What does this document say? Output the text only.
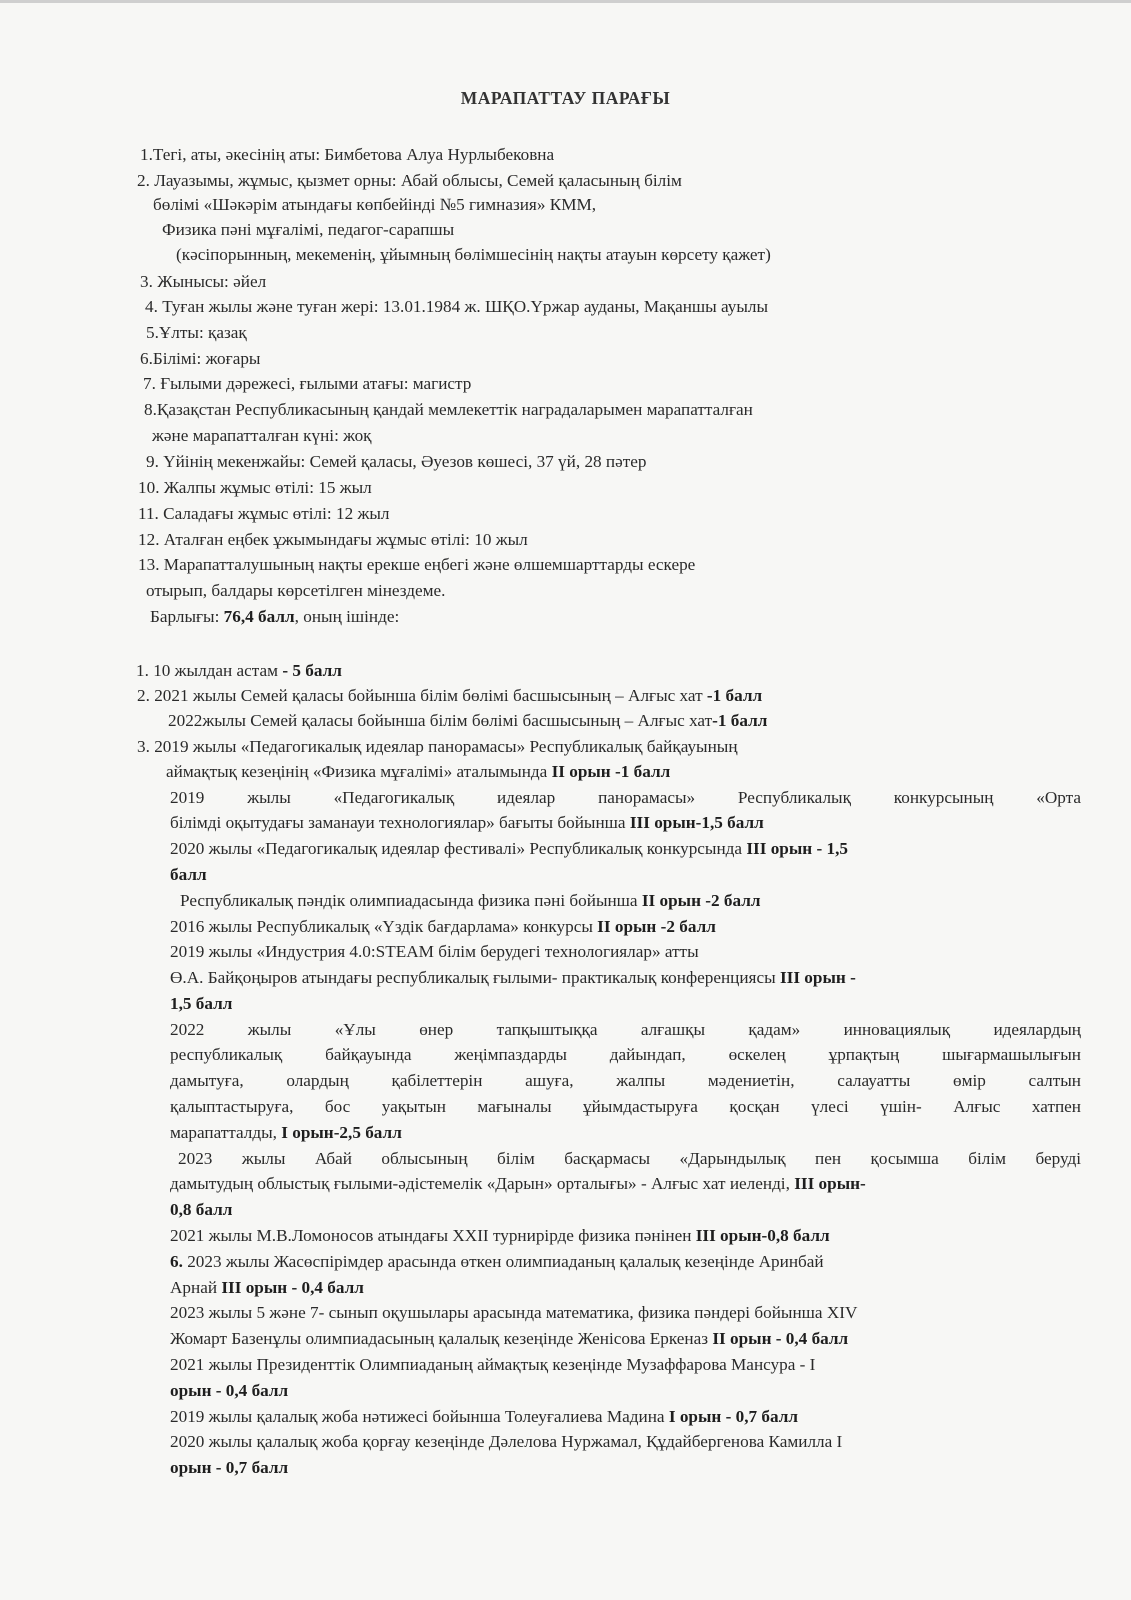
МАРАПАТТАУ ПАРАҒЫ
1.Тегі, аты, әкесінің аты: Бимбетова Алуа Нурлыбековна
2. Лауазымы, жұмыс, қызмет орны: Абай облысы, Семей қаласының білім
бөлімі «Шәкәрім атындағы көпбейінді №5 гимназия» КММ,
Физика пәні мұғалімі, педагог-сарапшы
(кәсіпорынның, мекеменің, ұйымның бөлімшесінің нақты атауын көрсету қажет)
3. Жынысы: әйел
4. Туған жылы және туған жері: 13.01.1984 ж. ШҚО.Үржар ауданы, Мақаншы ауылы
5.Ұлты: қазақ
6.Білімі: жоғары
7. Ғылыми дәрежесі, ғылыми атағы: магистр
8.Қазақстан Республикасының қандай мемлекеттік наградаларымен марапатталған
және марапатталған күні: жоқ
9. Үйінің мекенжайы: Семей қаласы, Әуезов көшесі, 37 үй, 28 пәтер
10. Жалпы жұмыс өтілі: 15 жыл
11. Саладағы жұмыс өтілі: 12 жыл
12. Аталған еңбек ұжымындағы жұмыс өтілі: 10 жыл
13. Марапатталушының нақты ерекше еңбегі және өлшемшарттарды ескере
отырып, балдары көрсетілген мінездеме.
Барлығы: 76,4 балл, оның ішінде:
1. 10 жылдан астам - 5 балл
2. 2021 жылы Семей қаласы бойынша білім бөлімі басшысының – Алғыс хат -1 балл
2022жылы Семей қаласы бойынша білім бөлімі басшысының – Алғыс хат-1 балл
3. 2019 жылы «Педагогикалық идеялар панорамасы» Республикалық байқауының
аймақтық кезеңінің «Физика мұғалімі» аталымында ІІ орын -1 балл
2019 жылы «Педагогикалық идеялар панорамасы» Республикалық конкурсының «Орта
білімді оқытудағы заманауи технологиялар» бағыты бойынша ІІІ орын-1,5 балл
2020 жылы «Педагогикалық идеялар фестивалі» Республикалық конкурсында ІІІ орын - 1,5
балл
Республикалық пәндік олимпиадасында физика пәні бойынша ІІ орын -2 балл
2016 жылы Республикалық «Үздік бағдарлама» конкурсы ІІ орын -2 балл
2019 жылы «Индустрия 4.0:STEAM білім берудегі технологиялар» атты
Ө.А. Байқоңыров атындағы республикалық ғылыми- практикалық конференциясы ІІІ орын -
1,5 балл
2022 жылы «Ұлы өнер тапқыштыққа алғашқы қадам» инновациялық идеялардың
республикалық байқауында жеңімпаздарды дайындап, өскелең ұрпақтың шығармашылығын
дамытуға, олардың қабілеттерін ашуға, жалпы мәдениетін, салауатты өмір салтын
қалыптастыруға, бос уақытын мағыналы ұйымдастыруға қосқан үлесі үшін- Алғыс хатпен
марапатталды, І орын-2,5 балл
2023 жылы Абай облысының білім басқармасы «Дарындылық пен қосымша білім беруді
дамытудың облыстық ғылыми-әдістемелік «Дарын» орталығы» - Алғыс хат иеленді, ІІІ орын-
0,8 балл
2021 жылы М.В.Ломоносов атындағы XXII турнирірде физика пәнінен ІІІ орын-0,8 балл
6. 2023 жылы Жасөспірімдер арасында өткен олимпиаданың қалалық кезеңінде Аринбай
Арнай ІІІ орын - 0,4 балл
2023 жылы 5 және 7- сынып оқушылары арасында математика, физика пәндері бойынша XIV
Жомарт Базенұлы олимпиадасының қалалық кезеңінде Женісова Еркеназ ІІ орын - 0,4 балл
2021 жылы Президенттік Олимпиаданың аймақтық кезеңінде Музаффарова Мансура - І
орын - 0,4 балл
2019 жылы қалалық жоба нәтижесі бойынша Толеуғалиева Мадина І орын - 0,7 балл
2020 жылы қалалық жоба қорғау кезеңінде Дәлелова Нуржамал, Құдайбергенова Камилла І
орын - 0,7 балл
